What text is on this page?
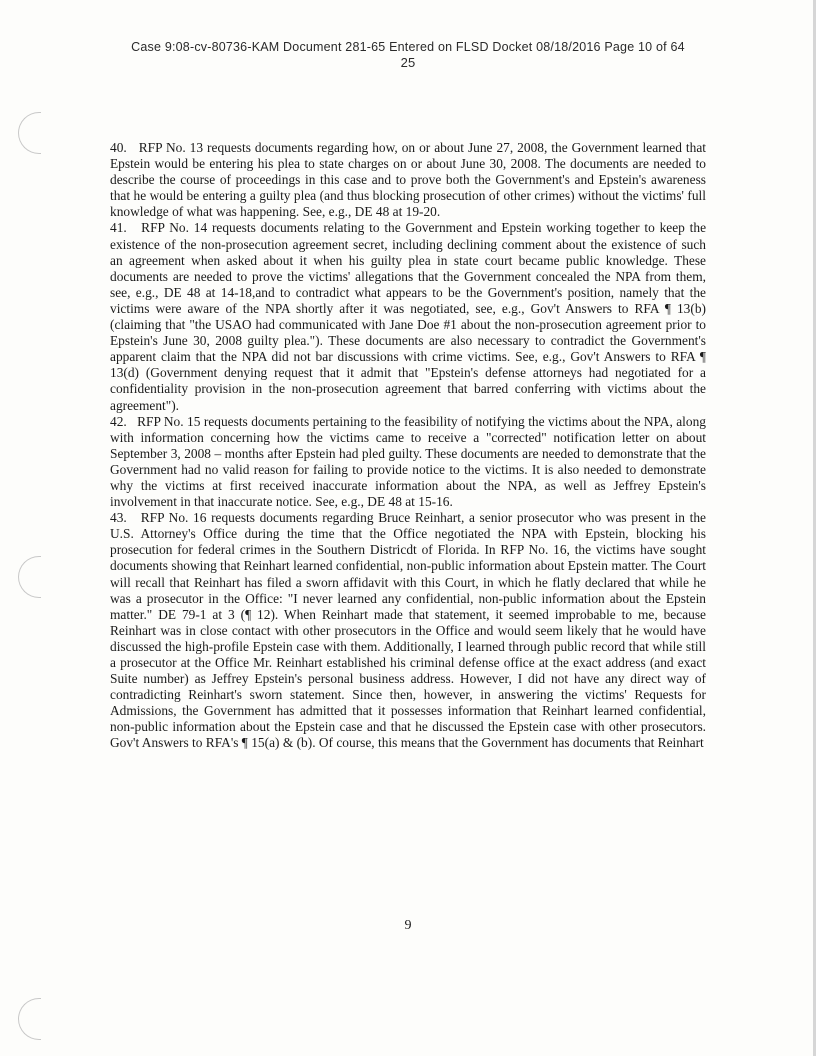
Case 9:08-cv-80736-KAM Document 281-65 Entered on FLSD Docket 08/18/2016 Page 10 of 64
25

40. RFP No. 13 requests documents regarding how, on or about June 27, 2008, the Government learned that Epstein would be entering his plea to state charges on or about June 30, 2008. The documents are needed to describe the course of proceedings in this case and to prove both the Government's and Epstein's awareness that he would be entering a guilty plea (and thus blocking prosecution of other crimes) without the victims' full knowledge of what was happening. See, e.g., DE 48 at 19-20.

41. RFP No. 14 requests documents relating to the Government and Epstein working together to keep the existence of the non-prosecution agreement secret, including declining comment about the existence of such an agreement when asked about it when his guilty plea in state court became public knowledge. These documents are needed to prove the victims' allegations that the Government concealed the NPA from them, see, e.g., DE 48 at 14-18,and to contradict what appears to be the Government's position, namely that the victims were aware of the NPA shortly after it was negotiated, see, e.g., Gov't Answers to RFA ¶ 13(b) (claiming that "the USAO had communicated with Jane Doe #1 about the non-prosecution agreement prior to Epstein's June 30, 2008 guilty plea."). These documents are also necessary to contradict the Government's apparent claim that the NPA did not bar discussions with crime victims. See, e.g., Gov't Answers to RFA ¶ 13(d) (Government denying request that it admit that "Epstein's defense attorneys had negotiated for a confidentiality provision in the non-prosecution agreement that barred conferring with victims about the agreement").

42. RFP No. 15 requests documents pertaining to the feasibility of notifying the victims about the NPA, along with information concerning how the victims came to receive a "corrected" notification letter on about September 3, 2008 – months after Epstein had pled guilty. These documents are needed to demonstrate that the Government had no valid reason for failing to provide notice to the victims. It is also needed to demonstrate why the victims at first received inaccurate information about the NPA, as well as Jeffrey Epstein's involvement in that inaccurate notice. See, e.g., DE 48 at 15-16.

43. RFP No. 16 requests documents regarding Bruce Reinhart, a senior prosecutor who was present in the U.S. Attorney's Office during the time that the Office negotiated the NPA with Epstein, blocking his prosecution for federal crimes in the Southern Districdt of Florida. In RFP No. 16, the victims have sought documents showing that Reinhart learned confidential, non-public information about Epstein matter. The Court will recall that Reinhart has filed a sworn affidavit with this Court, in which he flatly declared that while he was a prosecutor in the Office: "I never learned any confidential, non-public information about the Epstein matter." DE 79-1 at 3 (¶ 12). When Reinhart made that statement, it seemed improbable to me, because Reinhart was in close contact with other prosecutors in the Office and would seem likely that he would have discussed the high-profile Epstein case with them. Additionally, I learned through public record that while still a prosecutor at the Office Mr. Reinhart established his criminal defense office at the exact address (and exact Suite number) as Jeffrey Epstein's personal business address. However, I did not have any direct way of contradicting Reinhart's sworn statement. Since then, however, in answering the victims' Requests for Admissions, the Government has admitted that it possesses information that Reinhart learned confidential, non-public information about the Epstein case and that he discussed the Epstein case with other prosecutors. Gov't Answers to RFA's ¶ 15(a) & (b). Of course, this means that the Government has documents that Reinhart

9
